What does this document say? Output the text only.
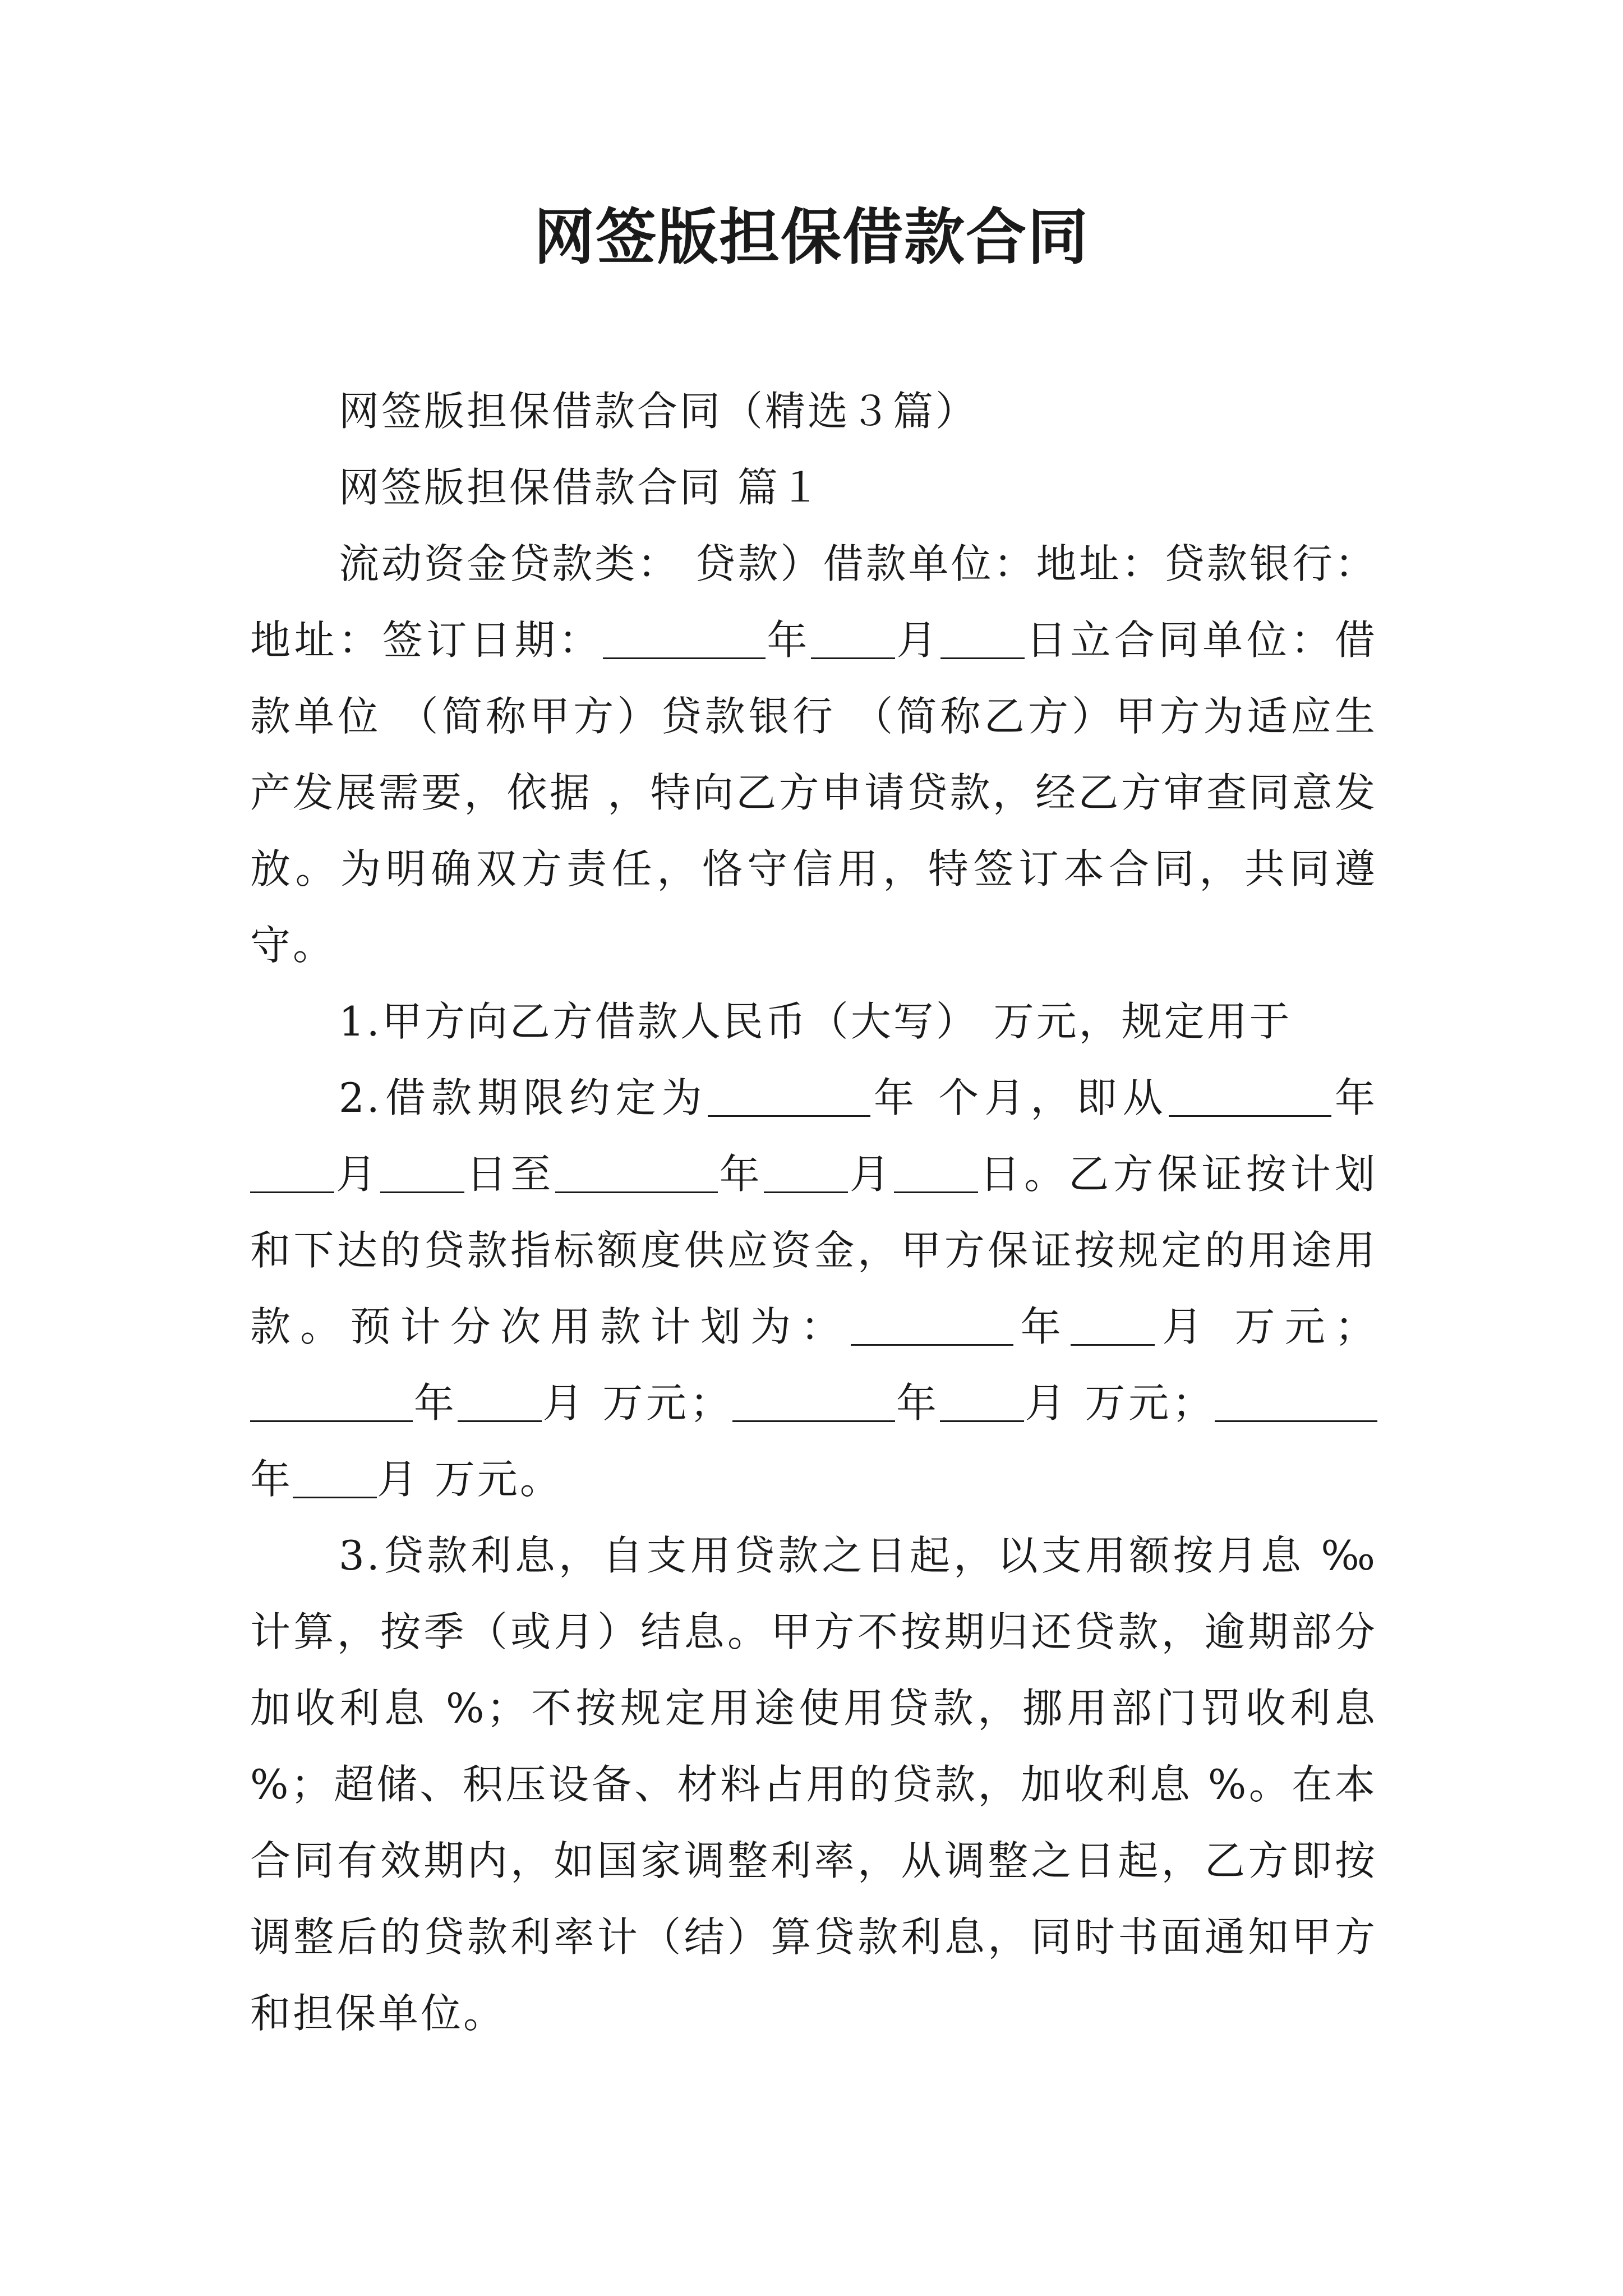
网签版担保借款合同

网签版担保借款合同（精选３篇）

网签版担保借款合同 篇１

流动资金贷款类： 贷款）借款单位：地址：贷款银行：地址：签订日期：	年 月 日立合同单位：借款单位 （简称甲方）贷款银行 （简称乙方）甲方为适应生产发展需要，依据 ，特向乙方申请贷款，经乙方审查同意发放。为明确双方责任，恪守信用，特签订本合同，共同遵守。

1.甲方向乙方借款人民币（大写） 万元，规定用于

2.借款期限约定为	年 个月，即从	年月 日至	年 月 日。乙方保证按计划和下达的贷款指标额度供应资金，甲方保证按规定的用途用款。预计分次用款计划为：	年 月 万元；年 月 万元；	年 月 万元；年 月 万元。

3.贷款利息，自支用贷款之日起，以支用额按月息 ‰计算，按季（或月）结息。甲方不按期归还贷款，逾期部分加收利息 %；不按规定用途使用贷款，挪用部门罚收利息 %；超储、积压设备、材料占用的贷款，加收利息 %。在本合同有效期内，如国家调整利率，从调整之日起，乙方即按调整后的贷款利率计（结）算贷款利息，同时书面通知甲方和担保单位。
